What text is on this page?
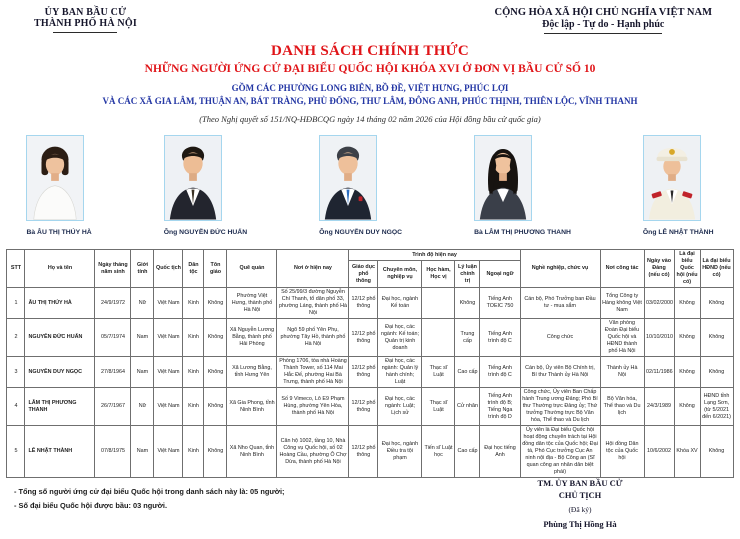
ỦY BAN BẦU CỬ
THÀNH PHỐ HÀ NỘI
CỘNG HÒA XÃ HỘI CHỦ NGHĨA VIỆT NAM
Độc lập - Tự do - Hạnh phúc
DANH SÁCH CHÍNH THỨC
NHỮNG NGƯỜI ỨNG CỬ ĐẠI BIỂU QUỐC HỘI KHÓA XVI Ở ĐƠN VỊ BẦU CỬ SỐ 10
GỒM CÁC PHƯỜNG LONG BIÊN, BỒ ĐỀ, VIỆT HƯNG, PHÚC LỢI
VÀ CÁC XÃ GIA LÂM, THUẬN AN, BÁT TRÀNG, PHÙ ĐỔNG, THƯ LÂM, ĐÔNG ANH, PHÚC THỊNH, THIÊN LỘC, VĨNH THANH
(Theo Nghị quyết số 151/NQ-HĐBCQG ngày 14 tháng 02 năm 2026 của Hội đồng bầu cử quốc gia)
Bà ÂU THỊ THÚY HÀ	Ông NGUYỄN ĐỨC HUẤN	Ông NGUYỄN DUY NGỌC	Bà LÂM THỊ PHƯƠNG THANH	Ông LÊ NHẬT THÀNH
STT	Họ và tên	Ngày tháng năm sinh	Giới tính	Quốc tịch	Dân tộc	Tôn giáo	Quê quán	Nơi ở hiện nay	Trình độ hiện nay					Nghề nghiệp, chức vụ	Nơi công tác	Ngày vào Đảng (nếu có)	Là đại biểu Quốc hội (nếu có)	Là đại biểu HĐND (nếu có)
									Giáo dục phổ thông	Chuyên môn, nghiệp vụ	Học hàm, Học vị	Lý luận chính trị	Ngoại ngữ					
1	ÂU THỊ THÚY HÀ	24/9/1972	Nữ	Việt Nam	Kinh	Không	Phường Việt Hưng, thành phố Hà Nội	Số 25/99/3 đường Nguyễn Chí Thanh, tổ dân phố 33, phường Láng, thành phố Hà Nội	12/12 phổ thông	Đại học, ngành Kế toán		Không	Tiếng Anh TOEIC 750	Cán bộ, Phó Trưởng ban Đầu tư - mua sắm	Tổng Công ty Hàng không Việt Nam	03/02/2000	Không	Không
2	NGUYỄN ĐỨC HUẤN	05/7/1974	Nam	Việt Nam	Kinh	Không	Xã Nguyễn Lương Bằng, thành phố Hải Phòng	Ngõ 59 phố Yên Phụ, phường Tây Hồ, thành phố Hà Nội	12/12 phổ thông	Đại học, các ngành: Kế toán; Quản trị kinh doanh		Trung cấp	Tiếng Anh trình độ C	Công chức	Văn phòng Đoàn Đại biểu Quốc hội và HĐND thành phố Hà Nội	10/10/2010	Không	Không
3	NGUYỄN DUY NGỌC	27/8/1964	Nam	Việt Nam	Kinh	Không	Xã Lương Bằng, tỉnh Hưng Yên	Phòng 1706, tòa nhà Hoàng Thành Tower, số 114 Mai Hắc Đế, phường Hai Bà Trưng, thành phố Hà Nội	12/12 phổ thông	Đại học, các ngành: Quản lý hành chính; Luật	Thạc sĩ Luật	Cao cấp	Tiếng Anh trình độ C	Cán bộ, Ủy viên Bộ Chính trị, Bí thư Thành ủy Hà Nội	Thành ủy Hà Nội	02/11/1986	Không	Không
4	LÂM THỊ PHƯƠNG THANH	26/7/1967	Nữ	Việt Nam	Kinh	Không	Xã Gia Phong, tỉnh Ninh Bình	Số 9 Vimeco, Lô E9 Phạm Hùng, phường Yên Hòa, thành phố Hà Nội	12/12 phổ thông	Đại học, các ngành: Luật; Lịch sử	Thạc sĩ Luật	Cử nhân	Tiếng Anh trình độ B; Tiếng Nga trình độ D	Công chức, Ủy viên Ban Chấp hành Trung ương Đảng; Phó Bí thư Thường trực Đảng ủy; Thứ trưởng Thường trực Bộ Văn hóa, Thể thao và Du lịch	Bộ Văn hóa, Thể thao và Du lịch	24/3/1989	Không	HĐND tỉnh Lạng Sơn, (từ 5/2021 đến 6/2021)
5	LÊ NHẬT THÀNH	07/8/1975	Nam	Việt Nam	Kinh	Không	Xã Nho Quan, tỉnh Ninh Bình	Căn hộ 1002, tầng 10, Nhà Công vụ Quốc hội, số 02 Hoàng Cầu, phường Ô Chợ Dừa, thành phố Hà Nội	12/12 phổ thông	Đại học, ngành Điều tra tội phạm	Tiến sĩ Luật học	Cao cấp	Đại học tiếng Anh	Ủy viên là Đại biểu Quốc hội hoạt động chuyên trách tại Hội đồng dân tộc của Quốc hội; Đại tá, Phó Cục trưởng Cục An ninh nội địa - Bộ Công an (Sĩ quan công an nhân dân biệt phái)	Hội đồng Dân tộc của Quốc hội	10/6/2002	Khóa XV	Không
- Tổng số người ứng cử đại biểu Quốc hội trong danh sách này là: 05 người;
- Số đại biểu Quốc hội được bầu: 03 người.
TM. ỦY BAN BẦU CỬ
CHỦ TỊCH
(Đã ký)
Phùng Thị Hồng Hà
